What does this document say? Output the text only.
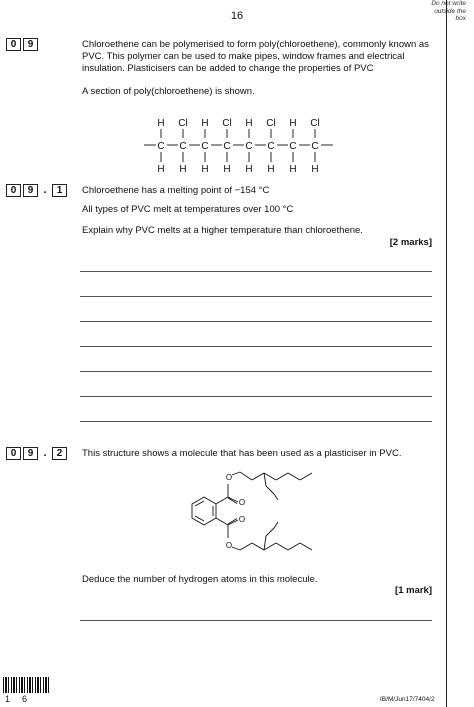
16
Do not write outside the box
0	9	Chloroethene can be polymerised to form poly(chloroethene), commonly known as PVC. This polymer can be used to make pipes, window frames and electrical insulation. Plasticisers can be added to change the properties of PVC
A section of poly(chloroethene) is shown.
H Cl H Cl H Cl H Cl
C C C C C C C C
H H H H H H H H
0	9 .	1	Chloroethene has a melting point of −154 °C
All types of PVC melt at temperatures over 100 °C
Explain why PVC melts at a higher temperature than chloroethene.
[2 marks]
0	9 .	2	This structure shows a molecule that has been used as a plasticiser in PVC.
O
O
O
O
Deduce the number of hydrogen atoms in this molecule.
[1 mark]
16	IB/M/Jun17/7404/2
